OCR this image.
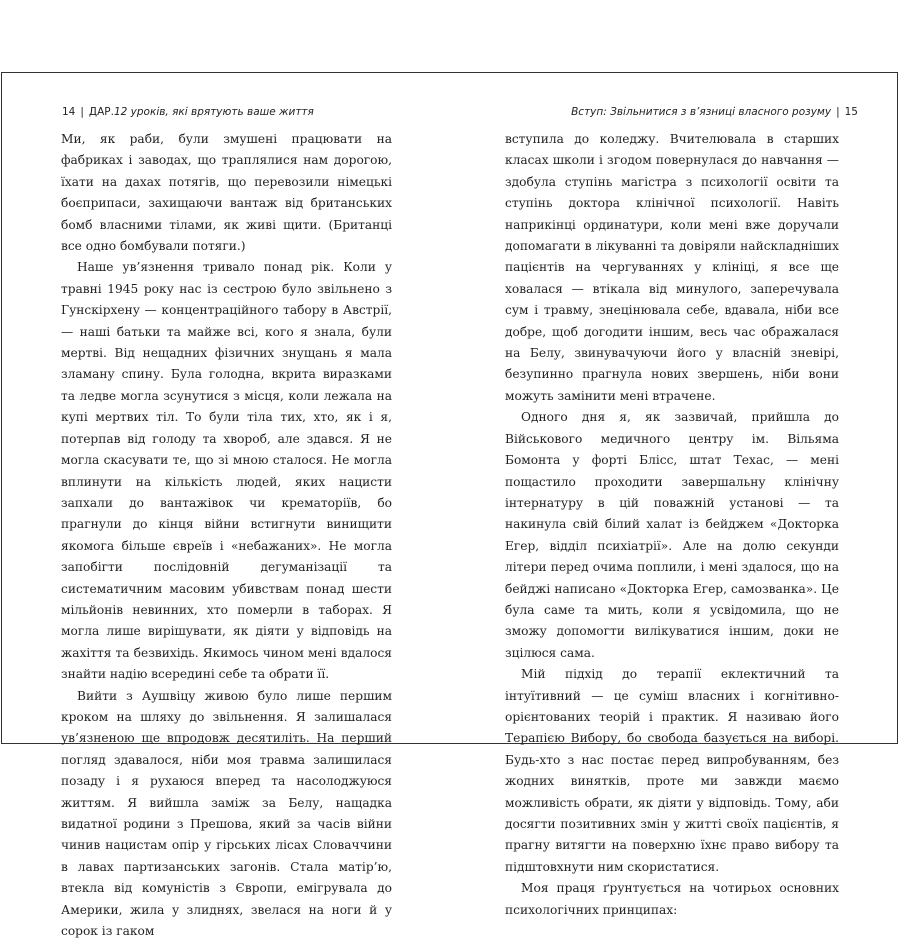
14 | ДАР.12 уроків, які врятують ваше життя

Ми, як раби, були змушені працювати на фабриках і заводах, що траплялися нам дорогою, їхати на дахах потягів, що перевозили німецькі боєприпаси, захищаючи вантаж від британських бомб власними тілами, як живі щити. (Британці все одно бомбували потяги.)

Наше ув’язнення тривало понад рік. Коли у травні 1945 року нас із сестрою було звільнено з Гунскірхену — концентраційного табору в Австрії, — наші батьки та майже всі, кого я знала, були мертві. Від нещадних фізичних знущань я мала зламану спину. Була голодна, вкрита виразками та ледве могла зсунутися з місця, коли лежала на купі мертвих тіл. То були тіла тих, хто, як і я, потерпав від голоду та хвороб, але здався. Я не могла скасувати те, що зі мною сталося. Не могла вплинути на кількість людей, яких нацисти запхали до вантажівок чи крематоріїв, бо прагнули до кінця війни встигнути винищити якомога більше євреїв і «небажаних». Не могла запобігти послідовній дегуманізації та систематичним масовим убивствам понад шести мільйонів невинних, хто померли в таборах. Я могла лише вирішувати, як діяти у відповідь на жахіття та безвихідь. Якимось чином мені вдалося знайти надію всередині себе та обрати її.

Вийти з Аушвіцу живою було лише першим кроком на шляху до звільнення. Я залишалася ув’язненою ще впродовж десятиліть. На перший погляд здавалося, ніби моя травма залишилася позаду і я рухаюся вперед та насолоджуюся життям. Я вийшла заміж за Белу, нащадка видатної родини з Прешова, який за часів війни чинив нацистам опір у гірських лісах Словаччини в лавах партизанських загонів. Стала матір’ю, втекла від комуністів з Європи, емігрувала до Америки, жила у злиднях, звелася на ноги й у сорок із гаком

Вступ: Звільнитися з в’язниці власного розуму | 15

вступила до коледжу. Вчителювала в старших класах школи і згодом повернулася до навчання — здобула ступінь магістра з психології освіти та ступінь доктора клінічної психології. Навіть наприкінці ординатури, коли мені вже доручали допомагати в лікуванні та довіряли найскладніших пацієнтів на чергуваннях у клініці, я все ще ховалася — втікала від минулого, заперечувала сум і травму, знецінювала себе, вдавала, ніби все добре, щоб догодити іншим, весь час ображалася на Белу, звинувачуючи його у власній зневірі, безупинно прагнула нових звершень, ніби вони можуть замінити мені втрачене.

Одного дня я, як зазвичай, прийшла до Військового медичного центру ім. Вільяма Бомонта у форті Блісс, штат Техас, — мені пощастило проходити завершальну клінічну інтернатуру в цій поважній установі — та накинула свій білий халат із бейджем «Докторка Егер, відділ психіатрії». Але на долю секунди літери перед очима поплили, і мені здалося, що на бейджі написано «Докторка Егер, самозванка». Це була саме та мить, коли я усвідомила, що не зможу допомогти вилікуватися іншим, доки не зцілюся сама.

Мій підхід до терапії еклектичний та інтуїтивний — це суміш власних і когнітивно-орієнтованих теорій і практик. Я називаю його Терапією Вибору, бо свобода базується на виборі. Будь-хто з нас постає перед випробуванням, без жодних винятків, проте ми завжди маємо можливість обрати, як діяти у відповідь. Тому, аби досягти позитивних змін у житті своїх пацієнтів, я прагну витягти на поверхню їхнє право вибору та підштовхнути ним скористатися.

Моя праця ґрунтується на чотирьох основних психологічних принципах:
